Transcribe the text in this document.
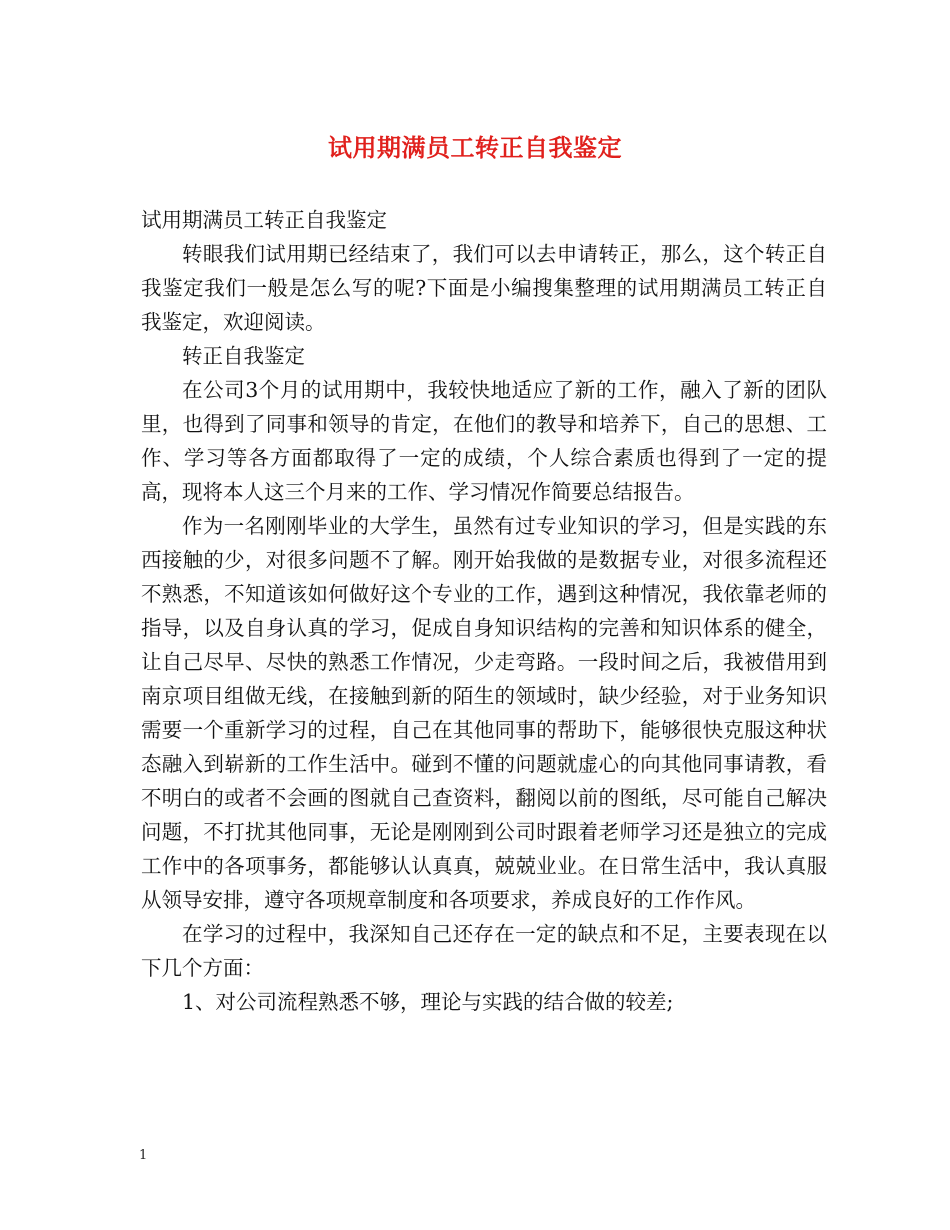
试用期满员工转正自我鉴定

试用期满员工转正自我鉴定

转眼我们试用期已经结束了，我们可以去申请转正，那么，这个转正自我鉴定我们一般是怎么写的呢?下面是小编搜集整理的试用期满员工转正自我鉴定，欢迎阅读。

转正自我鉴定

在公司3个月的试用期中，我较快地适应了新的工作，融入了新的团队里，也得到了同事和领导的肯定，在他们的教导和培养下，自己的思想、工作、学习等各方面都取得了一定的成绩，个人综合素质也得到了一定的提高，现将本人这三个月来的工作、学习情况作简要总结报告。

作为一名刚刚毕业的大学生，虽然有过专业知识的学习，但是实践的东西接触的少，对很多问题不了解。刚开始我做的是数据专业，对很多流程还不熟悉，不知道该如何做好这个专业的工作，遇到这种情况，我依靠老师的指导，以及自身认真的学习，促成自身知识结构的完善和知识体系的健全，让自己尽早、尽快的熟悉工作情况，少走弯路。一段时间之后，我被借用到南京项目组做无线，在接触到新的陌生的领域时，缺少经验，对于业务知识需要一个重新学习的过程，自己在其他同事的帮助下，能够很快克服这种状态融入到崭新的工作生活中。碰到不懂的问题就虚心的向其他同事请教，看不明白的或者不会画的图就自己查资料，翻阅以前的图纸，尽可能自己解决问题，不打扰其他同事，无论是刚刚到公司时跟着老师学习还是独立的完成工作中的各项事务，都能够认认真真，兢兢业业。在日常生活中，我认真服从领导安排，遵守各项规章制度和各项要求，养成良好的工作作风。

在学习的过程中，我深知自己还存在一定的缺点和不足，主要表现在以下几个方面：

1、对公司流程熟悉不够，理论与实践的结合做的较差;

1
